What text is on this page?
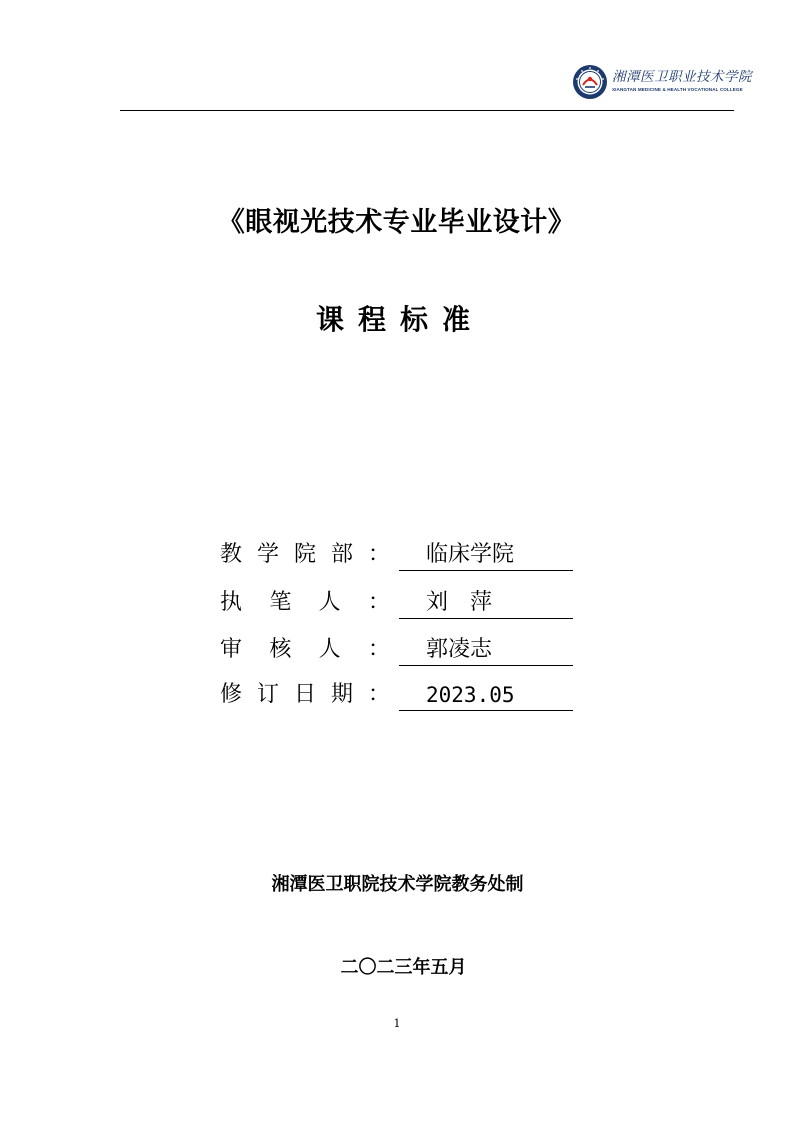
湘潭医卫职业技术学院
XIANGTAN MEDICINE & HEALTH VOCATIONAL COLLEGE
《眼视光技术专业毕业设计》
课程标准
教 学 院 部 ：	临床学院
执 笔 人 ：	刘萍
审 核 人 ：	郭凌志
修 订 日 期 ：	2023.05
湘潭医卫职院技术学院教务处制
二〇二三年五月
1
